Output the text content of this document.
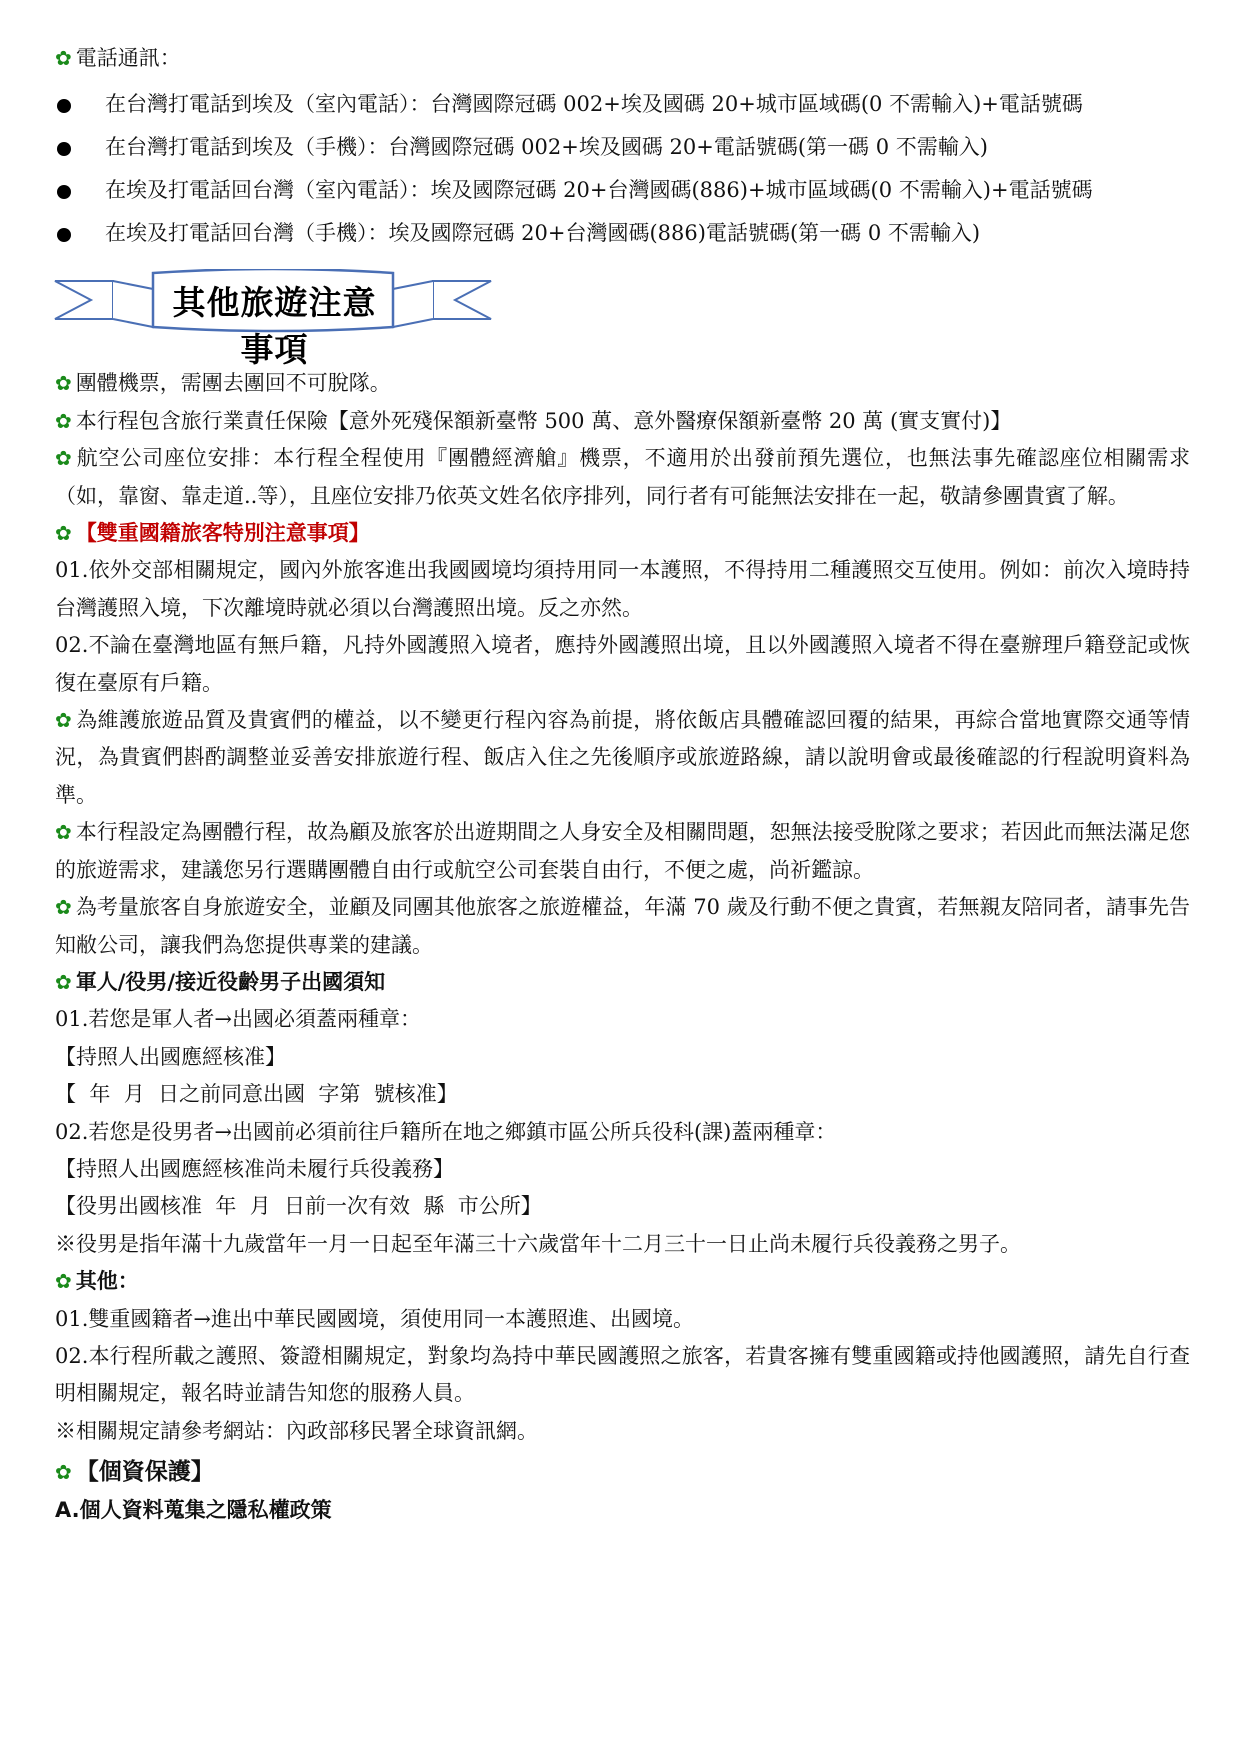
✿ 電話通訊：
在台灣打電話到埃及（室內電話）：台灣國際冠碼 002+埃及國碼 20+城市區域碼(0 不需輸入)+電話號碼
在台灣打電話到埃及（手機）：台灣國際冠碼 002+埃及國碼 20+電話號碼(第一碼 0 不需輸入)
在埃及打電話回台灣（室內電話）：埃及國際冠碼 20+台灣國碼(886)+城市區域碼(0 不需輸入)+電話號碼
在埃及打電話回台灣（手機）：埃及國際冠碼 20+台灣國碼(886)電話號碼(第一碼 0 不需輸入)
其他旅遊注意事項
✿ 團體機票，需團去團回不可脫隊。
✿ 本行程包含旅行業責任保險【意外死殘保額新臺幣 500 萬、意外醫療保額新臺幣 20 萬 (實支實付)】
✿ 航空公司座位安排：本行程全程使用『團體經濟艙』機票，不適用於出發前預先選位，也無法事先確認座位相關需求（如，靠窗、靠走道..等），且座位安排乃依英文姓名依序排列，同行者有可能無法安排在一起，敬請參團貴賓了解。
✿ 【雙重國籍旅客特別注意事項】
01.依外交部相關規定，國內外旅客進出我國國境均須持用同一本護照，不得持用二種護照交互使用。例如：前次入境時持台灣護照入境，下次離境時就必須以台灣護照出境。反之亦然。
02.不論在臺灣地區有無戶籍，凡持外國護照入境者，應持外國護照出境，且以外國護照入境者不得在臺辦理戶籍登記或恢復在臺原有戶籍。
✿ 為維護旅遊品質及貴賓們的權益，以不變更行程內容為前提，將依飯店具體確認回覆的結果，再綜合當地實際交通等情況，為貴賓們斟酌調整並妥善安排旅遊行程、飯店入住之先後順序或旅遊路線，請以說明會或最後確認的行程說明資料為準。
✿ 本行程設定為團體行程，故為顧及旅客於出遊期間之人身安全及相關問題，恕無法接受脫隊之要求；若因此而無法滿足您的旅遊需求，建議您另行選購團體自由行或航空公司套裝自由行，不便之處，尚祈鑑諒。
✿ 為考量旅客自身旅遊安全，並顧及同團其他旅客之旅遊權益，年滿 70 歲及行動不便之貴賓，若無親友陪同者，請事先告知敝公司，讓我們為您提供專業的建議。
✿ 軍人/役男/接近役齡男子出國須知
01.若您是軍人者→出國必須蓋兩種章：
【持照人出國應經核准】
【  年  月  日之前同意出國  字第  號核准】
02.若您是役男者→出國前必須前往戶籍所在地之鄉鎮市區公所兵役科(課)蓋兩種章：
【持照人出國應經核准尚未履行兵役義務】
【役男出國核准  年  月  日前一次有效  縣  市公所】
※役男是指年滿十九歲當年一月一日起至年滿三十六歲當年十二月三十一日止尚未履行兵役義務之男子。
✿ 其他：
01.雙重國籍者→進出中華民國國境，須使用同一本護照進、出國境。
02.本行程所載之護照、簽證相關規定，對象均為持中華民國護照之旅客，若貴客擁有雙重國籍或持他國護照，請先自行查明相關規定，報名時並請告知您的服務人員。
※相關規定請參考網站：內政部移民署全球資訊網。
✿ 【個資保護】
A.個人資料蒐集之隱私權政策
